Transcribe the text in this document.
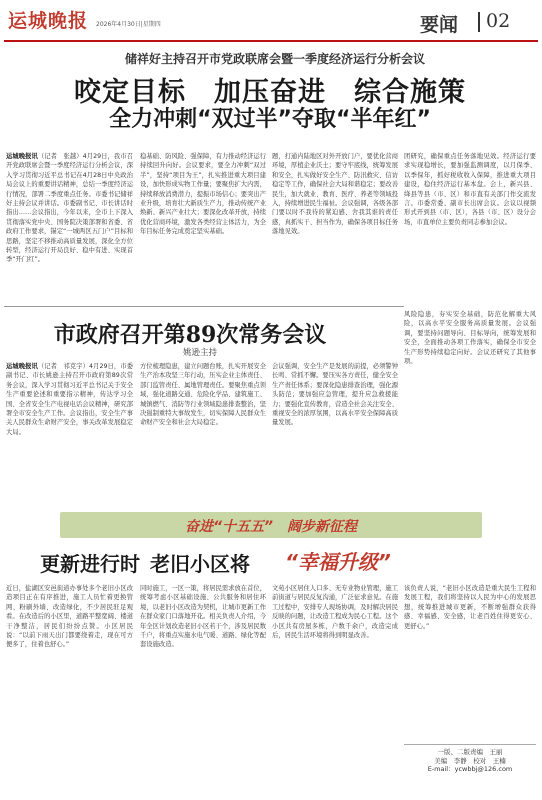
运城晚报 2026年4月30日|星期四	要闻 02
储祥好主持召开市党政联席会暨一季度经济运行分析会议
咬定目标　加压奋进　综合施策
全力冲刺“双过半”夺取“半年红”
运城晚报讯（记者　张越）4月29日，我市召开党政联席会暨一季度经济运行分析会议，深入学习贯彻习近平总书记在4月28日中央政治局会议上的重要讲话精神，总结一季度经济运行情况，部署二季度重点任务。市委书记储祥好主持会议并讲话。市委副书记、市长讲话时指出……会议指出，今年以来，全市上下深入贯彻落实党中央、国务院决策部署和省委、省政府工作要求，锚定“一城两区五门户”目标和思路，坚定不移推动高质量发展，深化全方位转型，经济运行开局良好、稳中有进、实现首季“开门红”。
稳基础、防风险、强保障，有力推动经济运行持续回升向好。会议要求，要全力冲刺“双过半”，坚持“项目为王”，扎实推进重大项目建设，加快形成实物工作量；要聚焦扩大内需，持续释放消费潜力，提振市场信心；要突出产业升级，培育壮大新质生产力，推动传统产业焕新、新兴产业壮大；要深化改革开放，持续优化营商环境，激发各类经营主体活力，为全年目标任务完成奠定坚实基础。
题，打通内陆地区对外开放门户，要优化营商环境，厚植企业沃土；要守牢底线，统筹发展和安全，扎实做好安全生产、防汛救灾、信访稳定等工作，确保社会大局和谐稳定；要改善民生，加大就业、教育、医疗、养老等领域投入，持续增进民生福祉。会议强调，各级各部门要以时不我待的紧迫感、舍我其谁的责任感，真抓实干、担当作为，确保各项目标任务落地见效。
团研究，确保重点任务落地见效。经济运行要求实现稳增长，要加强监测调度，以月保季、以季保年，抓好税收收入保障，推进重大项目建设，稳住经济运行基本盘。会上，新兴县、绛县等县（市、区）和市直有关部门作交流发言。市委常委、副市长出席会议。会议以视频形式开到县（市、区），各县（市、区）设分会场，市直单位主要负责同志参加会议。
市政府召开第89次常务会议
姚逊主持
运城晚报讯（记者　祁克宇）4月29日，市委副书记、市长姚逊主持召开市政府第89次常务会议，深入学习贯彻习近平总书记关于安全生产重要论述和重要指示精神，传达学习全国、全省安全生产电视电话会议精神，研究部署全市安全生产工作。会议指出，安全生产事关人民群众生命财产安全，事关改革发展稳定大局。
方位梳理隐患，建立问题台账，扎实开展安全生产治本攻坚三年行动，压实企业主体责任、部门监管责任、属地管理责任。要聚焦重点领域，强化道路交通、危险化学品、建筑施工、城镇燃气、消防等行业领域隐患排查整治，坚决遏制重特大事故发生，切实保障人民群众生命财产安全和社会大局稳定。
会议强调，安全生产是发展的前提，必须警钟长鸣、常抓不懈。要压实各方责任，健全安全生产责任体系；要深化隐患排查治理，强化源头防范；要加强应急管理，提升应急救援能力；要强化宣传教育，营造全社会关注安全、重视安全的浓厚氛围，以高水平安全保障高质量发展。
风险隐患，夯实安全基础，防范化解重大风险，以高水平安全服务高质量发展。会议强调，要坚持问题导向、目标导向，统筹发展和安全，全面推动各项工作落实，确保全市安全生产形势持续稳定向好。会议还研究了其他事项。
奋进“十五五”　阔步新征程
更新进行时 老旧小区将 “幸福升级”
近日，盐湖区安邑街道办事处多个老旧小区改造项目正在有序推进，施工人员忙着更换管网、粉刷外墙、改造绿化，不少居民驻足观看。在改造后的小区里，道路平整宽阔、楼道干净整洁，居民们纷纷点赞。小区居民说：“以前下雨天出门都要绕着走，现在可方便多了，住着也舒心。”
同时施工，一区一策，将居民需求放在首位，统筹考虑小区基础设施、公共服务和居住环境，以老旧小区改造为契机，让城市更新工作在群众家门口落地开花。相关负责人介绍，今年全区计划改造老旧小区若干个，涉及居民数千户，将重点实施水电气暖、道路、绿化等配套设施改造。
文苑小区居住人口多、无专业物业管理，施工前街道与居民反复沟通，广泛征求意见。在施工过程中，安排专人现场协调，及时解决居民反映的问题，让改造工程成为民心工程。这个小区共有房屋多栋，户数千余户，改造完成后，居民生活环境将得到明显改善。
该负责人说，“老旧小区改造是重大民生工程和发展工程，我们将坚持以人民为中心的发展思想，统筹推进城市更新，不断增强群众获得感、幸福感、安全感，让老百姓住得更安心、更舒心。”
一版、二版责编　王丽
美编　李静　校对　王楠
E-mail：ycwbbj@126.com
